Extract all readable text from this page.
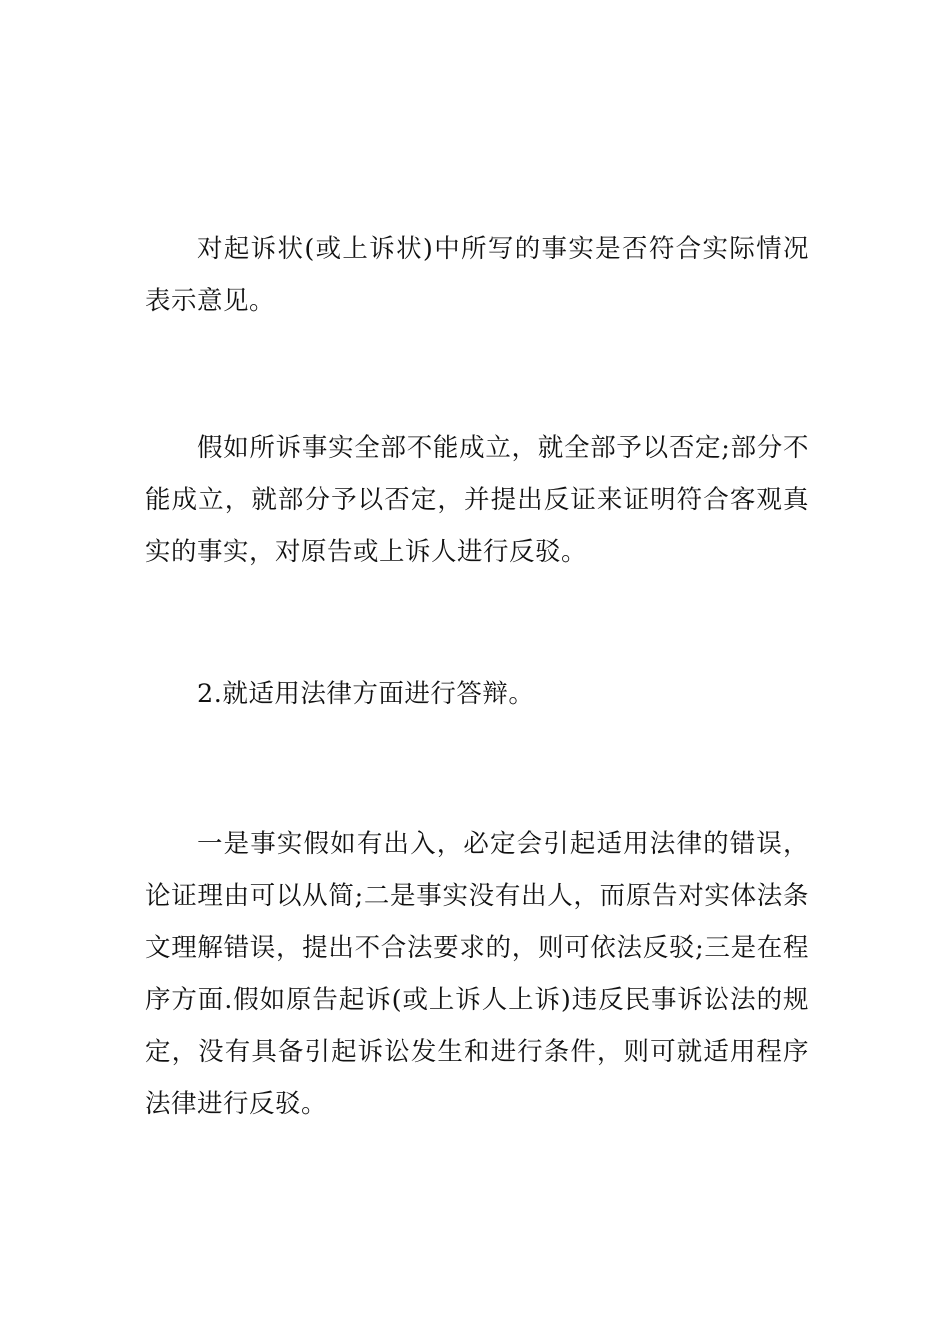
对起诉状(或上诉状)中所写的事实是否符合实际情况表示意见。

假如所诉事实全部不能成立，就全部予以否定;部分不能成立，就部分予以否定，并提出反证来证明符合客观真实的事实，对原告或上诉人进行反驳。

2.就适用法律方面进行答辩。

一是事实假如有出入，必定会引起适用法律的错误，论证理由可以从简;二是事实没有出人，而原告对实体法条文理解错误，提出不合法要求的，则可依法反驳;三是在程序方面.假如原告起诉(或上诉人上诉)违反民事诉讼法的规定，没有具备引起诉讼发生和进行条件，则可就适用程序法律进行反驳。
